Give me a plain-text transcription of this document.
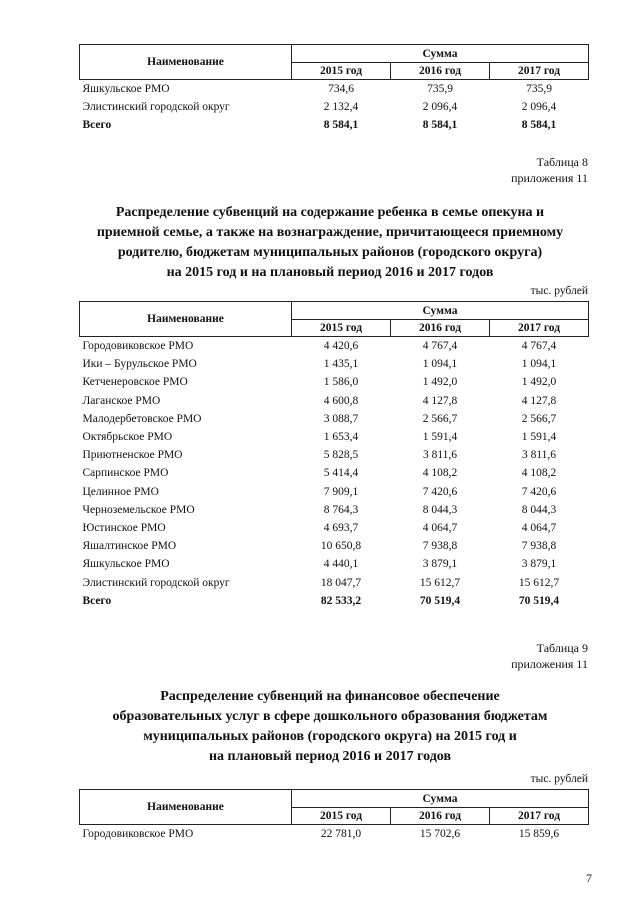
Наименование	Сумма		
	2015 год	2016 год	2017 год
Яшкульское РМО	734,6	735,9	735,9
Элистинский городской округ	2 132,4	2 096,4	2 096,4
Всего	8 584,1	8 584,1	8 584,1
Таблица 8
приложения 11
Распределение субвенций на содержание ребенка в семье опекуна и
приемной семье, а также на вознаграждение, причитающееся приемному
родителю, бюджетам муниципальных районов (городского округа)
на 2015 год и на плановый период 2016 и 2017 годов
тыс. рублей
Наименование	Сумма		
	2015 год	2016 год	2017 год
Городовиковское РМО	4 420,6	4 767,4	4 767,4
Ики – Бурульское РМО	1 435,1	1 094,1	1 094,1
Кетченеровское РМО	1 586,0	1 492,0	1 492,0
Лаганское РМО	4 600,8	4 127,8	4 127,8
Малодербетовское РМО	3 088,7	2 566,7	2 566,7
Октябрьское РМО	1 653,4	1 591,4	1 591,4
Приютненское РМО	5 828,5	3 811,6	3 811,6
Сарпинское РМО	5 414,4	4 108,2	4 108,2
Целинное РМО	7 909,1	7 420,6	7 420,6
Черноземельское РМО	8 764,3	8 044,3	8 044,3
Юстинское РМО	4 693,7	4 064,7	4 064,7
Яшалтинское РМО	10 650,8	7 938,8	7 938,8
Яшкульское РМО	4 440,1	3 879,1	3 879,1
Элистинский городской округ	18 047,7	15 612,7	15 612,7
Всего	82 533,2	70 519,4	70 519,4
Таблица 9
приложения 11
Распределение субвенций на финансовое обеспечение
образовательных услуг в сфере дошкольного образования бюджетам
муниципальных районов (городского округа) на 2015 год и
на плановый период 2016 и 2017 годов
тыс. рублей
Наименование	Сумма		
	2015 год	2016 год	2017 год
Городовиковское РМО	22 781,0	15 702,6	15 859,6
7
